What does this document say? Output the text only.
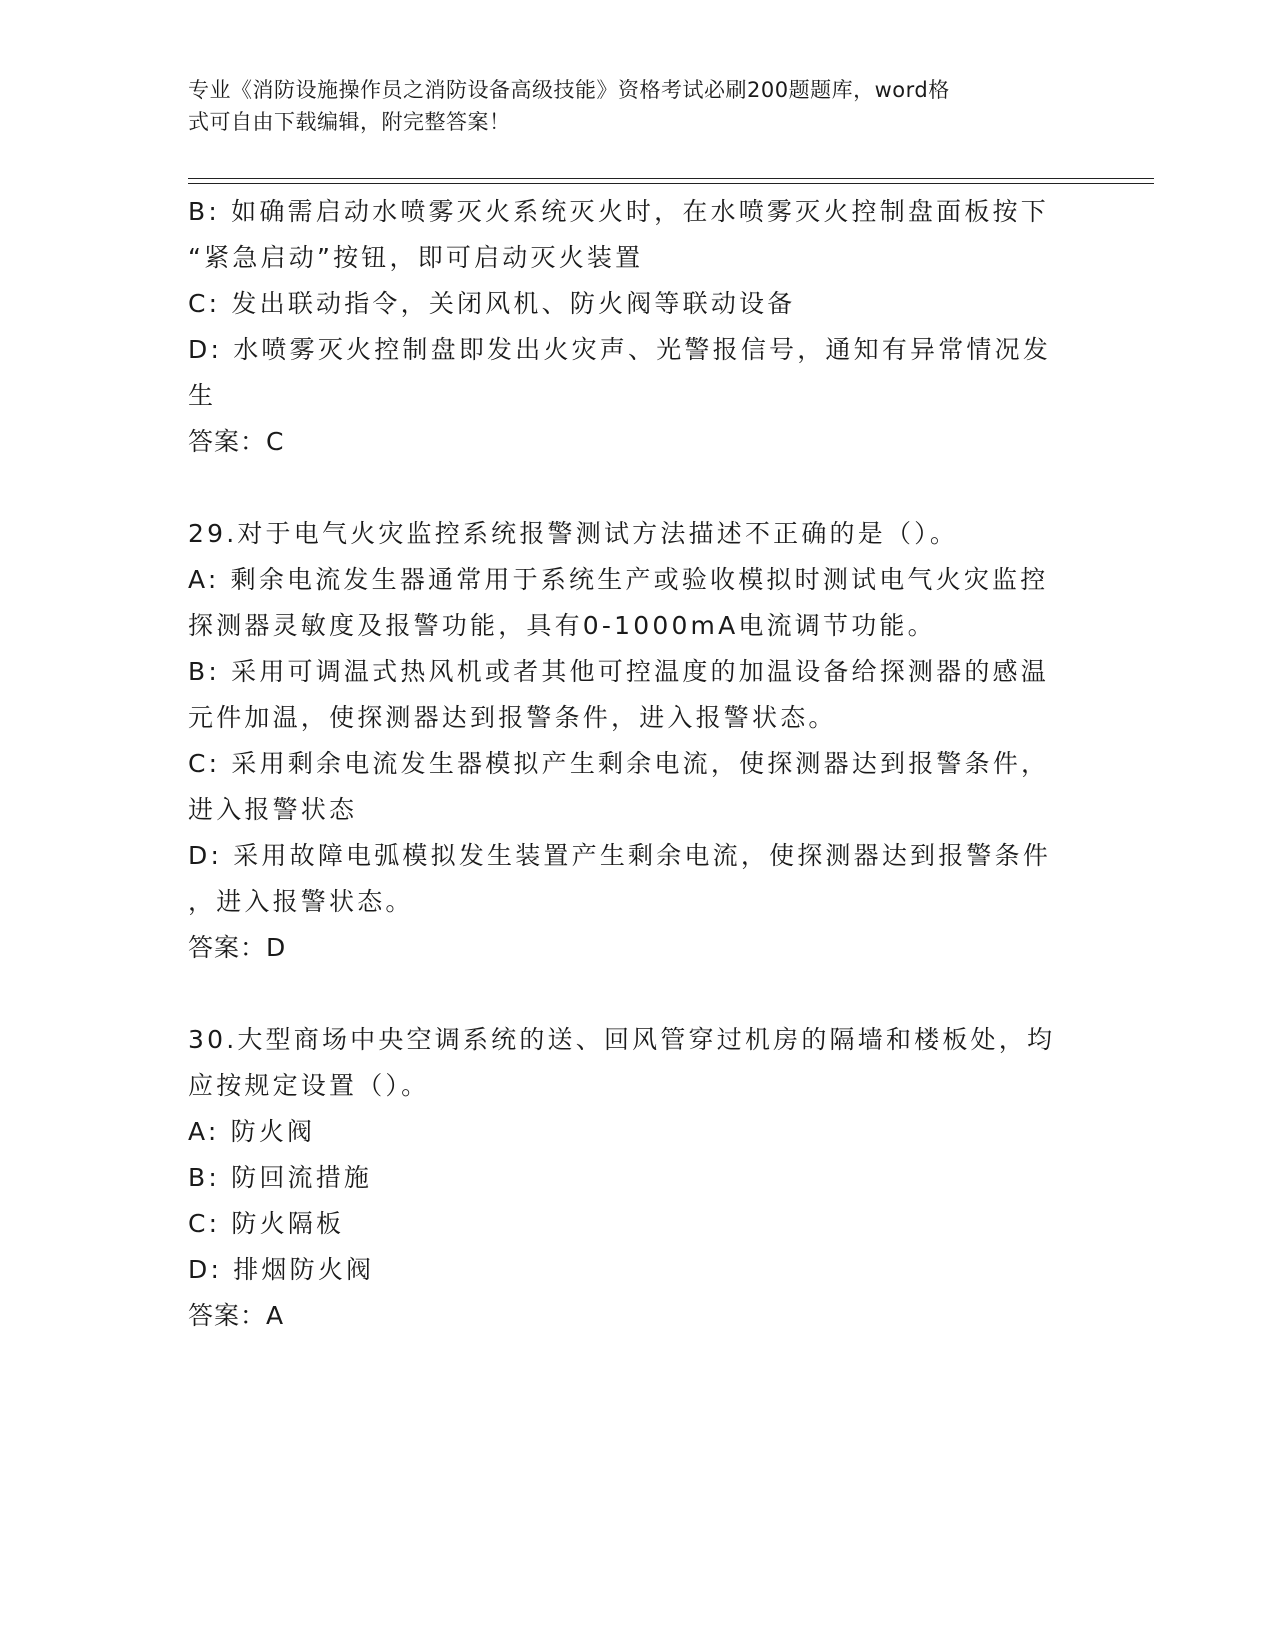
专业《消防设施操作员之消防设备高级技能》资格考试必刷200题题库，word格
式可自由下载编辑，附完整答案！
B: 如确需启动水喷雾灭火系统灭火时，在水喷雾灭火控制盘面板按下
“紧急启动”按钮，即可启动灭火装置
C: 发出联动指令，关闭风机、防火阀等联动设备
D: 水喷雾灭火控制盘即发出火灾声、光警报信号，通知有异常情况发
生
答案：C
29.对于电气火灾监控系统报警测试方法描述不正确的是（）。
A: 剩余电流发生器通常用于系统生产或验收模拟时测试电气火灾监控
探测器灵敏度及报警功能，具有0-1000mA电流调节功能。
B: 采用可调温式热风机或者其他可控温度的加温设备给探测器的感温
元件加温，使探测器达到报警条件，进入报警状态。
C: 采用剩余电流发生器模拟产生剩余电流，使探测器达到报警条件，
进入报警状态
D: 采用故障电弧模拟发生装置产生剩余电流，使探测器达到报警条件
，进入报警状态。
答案：D
30.大型商场中央空调系统的送、回风管穿过机房的隔墙和楼板处，均
应按规定设置（）。
A: 防火阀
B: 防回流措施
C: 防火隔板
D: 排烟防火阀
答案：A
